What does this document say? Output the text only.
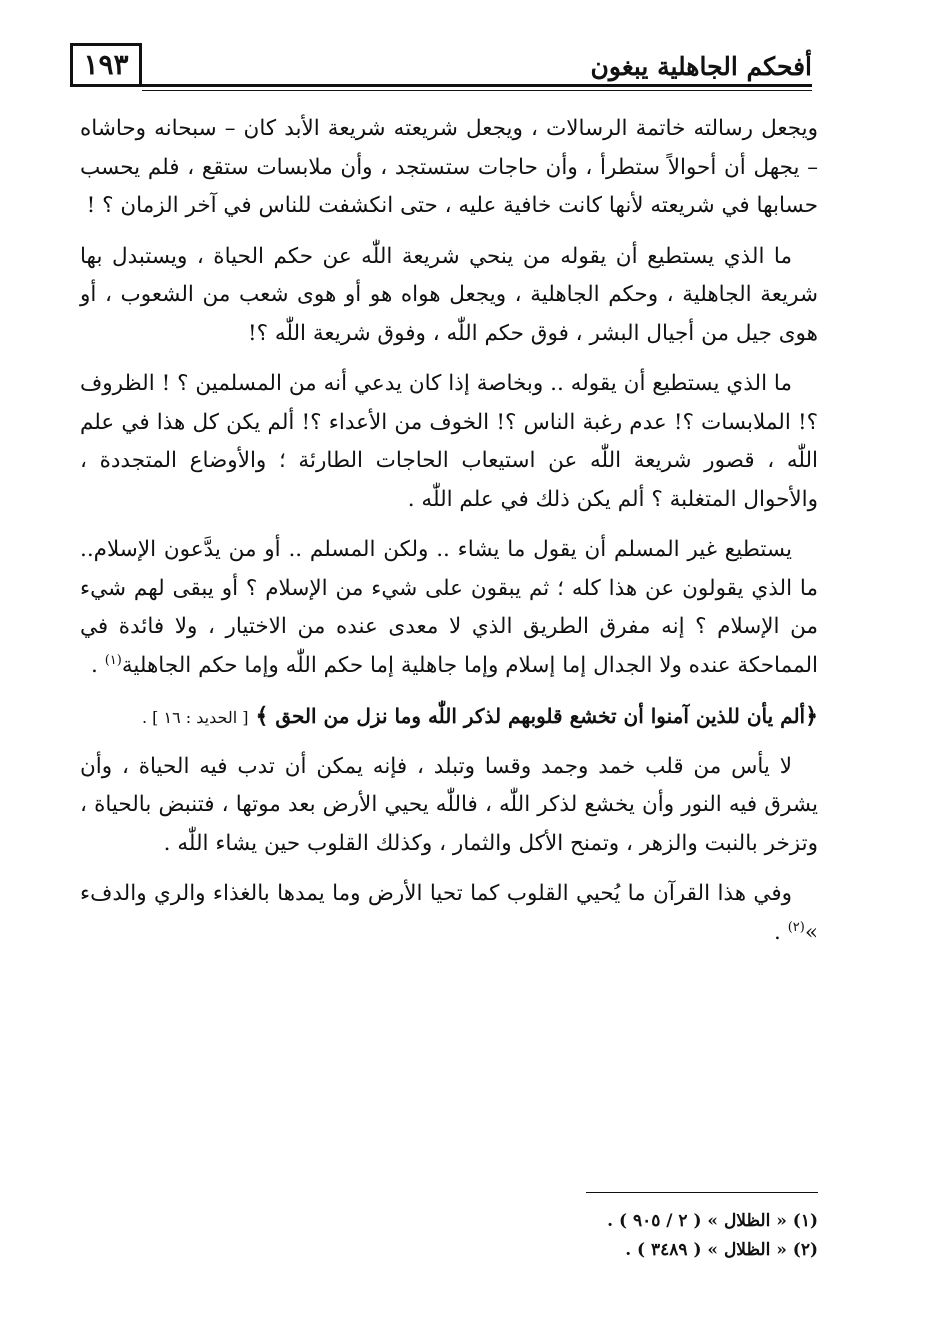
١٩٣	أفحكم الجاهلية يبغون

ويجعل رسالته خاتمة الرسالات ، ويجعل شريعته شريعة الأبد كان – سبحانه وحاشاه – يجهل أن أحوالاً ستطرأ ، وأن حاجات ستستجد ، وأن ملابسات ستقع ، فلم يحسب حسابها في شريعته لأنها كانت خافية عليه ، حتى انكشفت للناس في آخر الزمان ؟ !

ما الذي يستطيع أن يقوله من ينحي شريعة اللّٰه عن حكم الحياة ، ويستبدل بها شريعة الجاهلية ، وحكم الجاهلية ، ويجعل هواه هو أو هوى شعب من الشعوب ، أو هوى جيل من أجيال البشر ، فوق حكم اللّٰه ، وفوق شريعة اللّٰه ؟!

ما الذي يستطيع أن يقوله .. وبخاصة إذا كان يدعي أنه من المسلمين ؟ ! الظروف ؟! الملابسات ؟! عدم رغبة الناس ؟! الخوف من الأعداء ؟! ألم يكن كل هذا في علم اللّٰه ، قصور شريعة اللّٰه عن استيعاب الحاجات الطارئة ؛ والأوضاع المتجددة ، والأحوال المتغلبة ؟ ألم يكن ذلك في علم اللّٰه .

يستطيع غير المسلم أن يقول ما يشاء .. ولكن المسلم .. أو من يدَّعون الإسلام.. ما الذي يقولون عن هذا كله ؛ ثم يبقون على شيء من الإسلام ؟ أو يبقى لهم شيء من الإسلام ؟ إنه مفرق الطريق الذي لا معدى عنده من الاختيار ، ولا فائدة في المماحكة عنده ولا الجدال إما إسلام وإما جاهلية إما حكم اللّٰه وإما حكم الجاهلية$^{(١)}$ .

﴿ألم يأن للذين آمنوا أن تخشع قلوبهم لذكر اللّٰه وما نزل من الحق ﴾ [ الحديد : ١٦ ] .

لا يأس من قلب خمد وجمد وقسا وتبلد ، فإنه يمكن أن تدب فيه الحياة ، وأن يشرق فيه النور وأن يخشع لذكر اللّٰه ، فاللّٰه يحيي الأرض بعد موتها ، فتنبض بالحياة ، وتزخر بالنبت والزهر ، وتمنح الأكل والثمار ، وكذلك القلوب حين يشاء اللّٰه .

وفي هذا القرآن ما يُحيي القلوب كما تحيا الأرض وما يمدها بالغذاء والري والدفء »$^{(٢)}$ .

(١) « الظلال » ( ٢ / ٩٠٥ ) .
(٢) « الظلال » ( ٣٤٨٩ ) .
